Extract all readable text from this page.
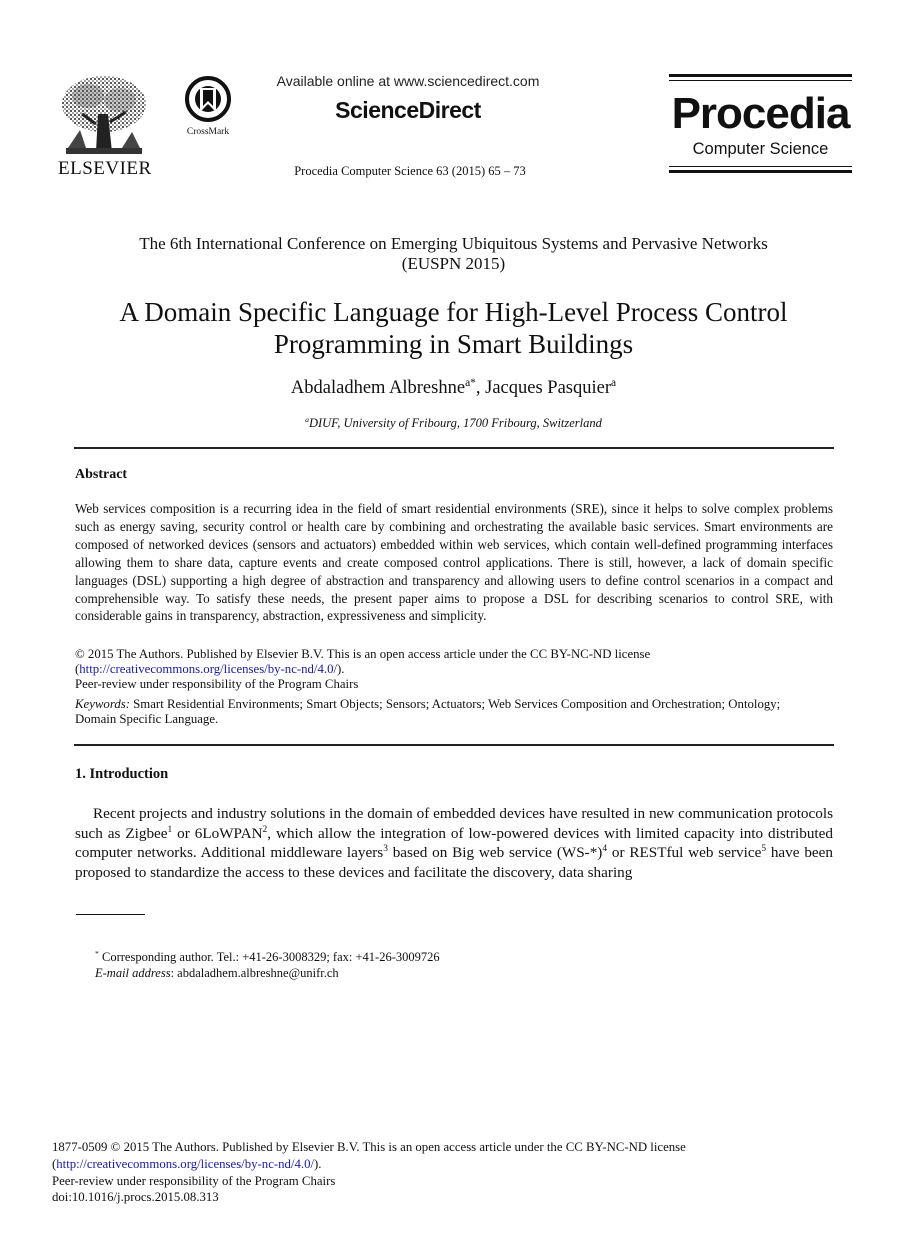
ELSEVIER
CrossMark
Available online at www.sciencedirect.com
ScienceDirect
Procedia Computer Science 63 (2015) 65 – 73
Procedia
Computer Science
The 6th International Conference on Emerging Ubiquitous Systems and Pervasive Networks
(EUSPN 2015)
A Domain Specific Language for High-Level Process Control
Programming in Smart Buildings
Abdaladhem Albreshne$^{a*}$, Jacques Pasquier$^a$
$^a$DIUF, University of Fribourg, 1700 Fribourg, Switzerland
Abstract
Web services composition is a recurring idea in the field of smart residential environments (SRE), since it helps to solve complex problems such as energy saving, security control or health care by combining and orchestrating the available basic services. Smart environments are composed of networked devices (sensors and actuators) embedded within web services, which contain well-defined programming interfaces allowing them to share data, capture events and create composed control applications. There is still, however, a lack of domain specific languages (DSL) supporting a high degree of abstraction and transparency and allowing users to define control scenarios in a compact and comprehensible way. To satisfy these needs, the present paper aims to propose a DSL for describing scenarios to control SRE, with considerable gains in transparency, abstraction, expressiveness and simplicity.
© 2015 The Authors. Published by Elsevier B.V. This is an open access article under the CC BY-NC-ND license
(http://creativecommons.org/licenses/by-nc-nd/4.0/).
Peer-review under responsibility of the Program Chairs
Keywords: Smart Residential Environments; Smart Objects; Sensors; Actuators; Web Services Composition and Orchestration; Ontology;
Domain Specific Language.
1. Introduction
Recent projects and industry solutions in the domain of embedded devices have resulted in new communication protocols such as Zigbee$^1$ or 6LoWPAN$^2$, which allow the integration of low-powered devices with limited capacity into distributed computer networks. Additional middleware layers$^3$ based on Big web service $(WS-*)^4$ or RESTful web service$^5$ have been proposed to standardize the access to these devices and facilitate the discovery, data sharing
* Corresponding author. Tel.: +41-26-3008329; fax: +41-26-3009726
E-mail address: abdaladhem.albreshne@unifr.ch
1877-0509 © 2015 The Authors. Published by Elsevier B.V. This is an open access article under the CC BY-NC-ND license
(http://creativecommons.org/licenses/by-nc-nd/4.0/).
Peer-review under responsibility of the Program Chairs
doi:10.1016/j.procs.2015.08.313
